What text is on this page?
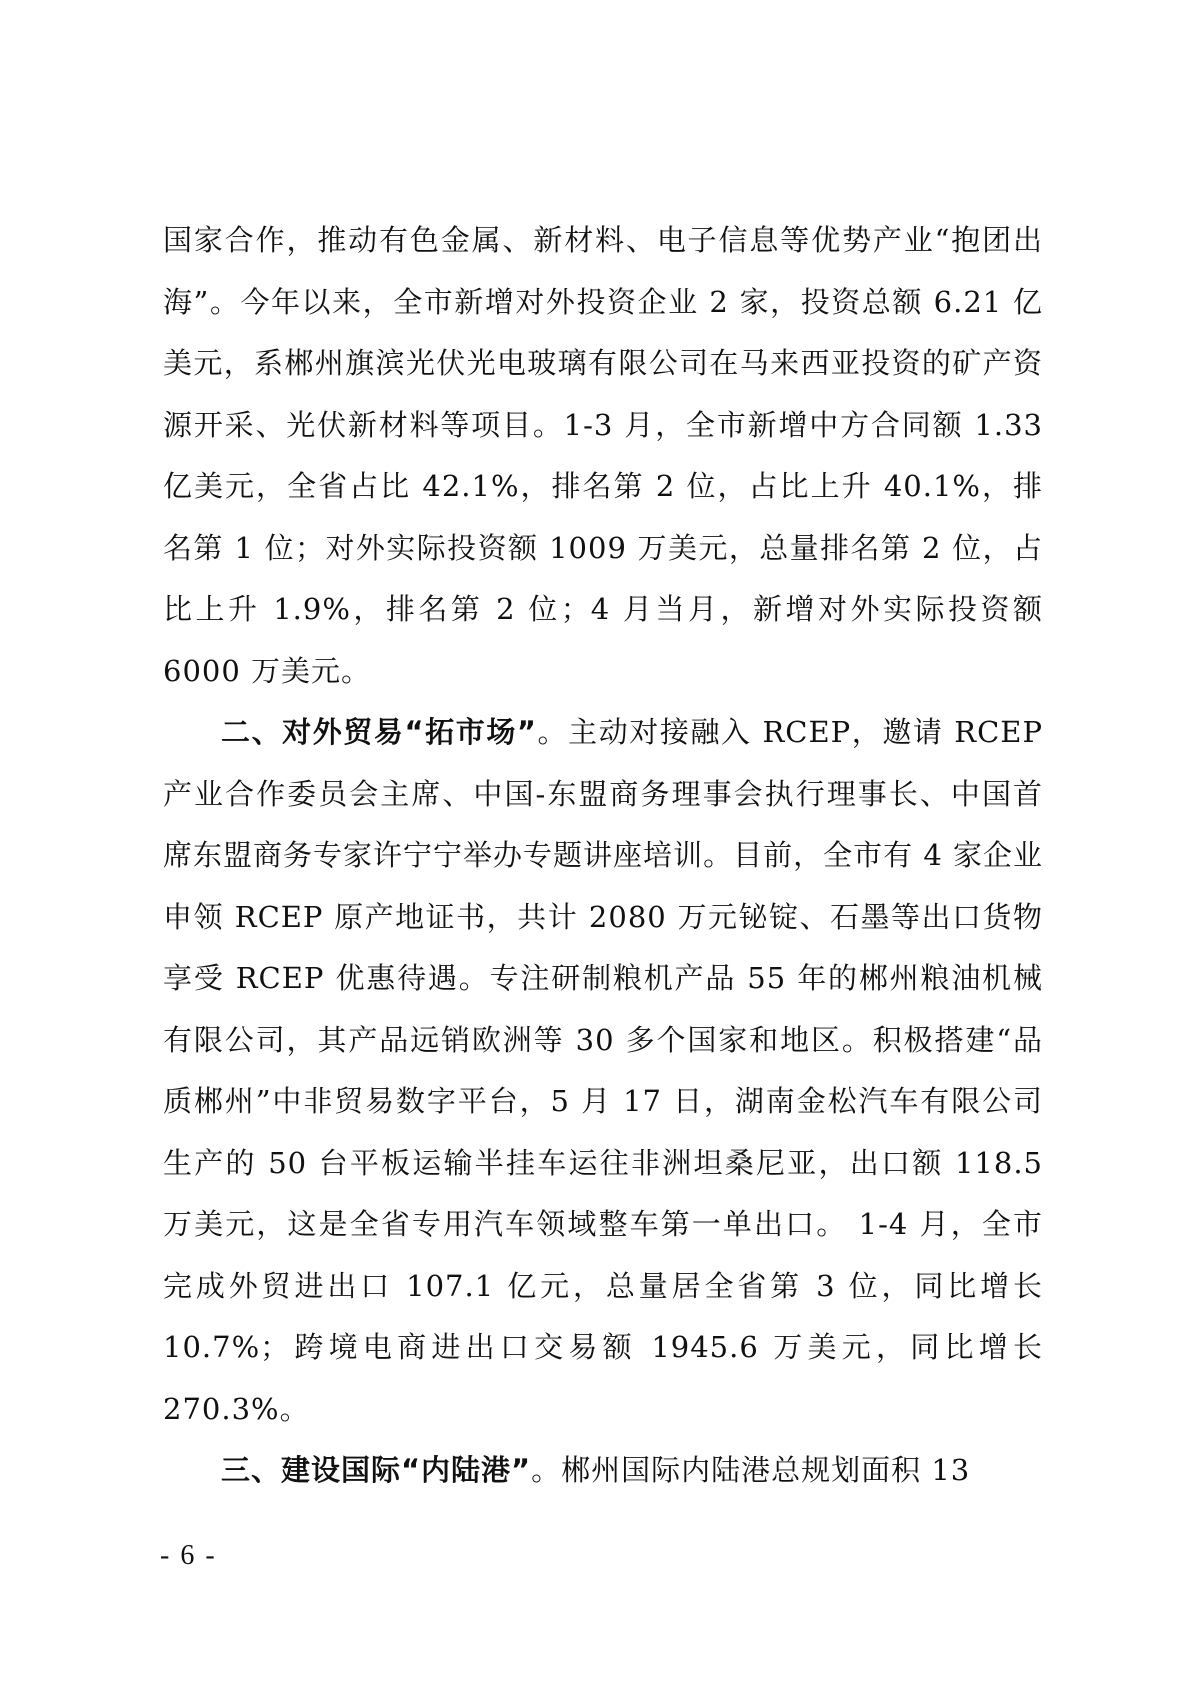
国家合作，推动有色金属、新材料、电子信息等优势产业“抱团出海”。今年以来，全市新增对外投资企业 2 家，投资总额 6.21 亿美元，系郴州旗滨光伏光电玻璃有限公司在马来西亚投资的矿产资源开采、光伏新材料等项目。1-3 月，全市新增中方合同额 1.33 亿美元，全省占比 42.1%，排名第 2 位，占比上升 40.1%，排名第 1 位；对外实际投资额 1009 万美元，总量排名第 2 位，占比上升 1.9%，排名第 2 位；4 月当月，新增对外实际投资额 6000 万美元。

二、对外贸易“拓市场”。主动对接融入 RCEP，邀请 RCEP 产业合作委员会主席、中国-东盟商务理事会执行理事长、中国首席东盟商务专家许宁宁举办专题讲座培训。目前，全市有 4 家企业申领 RCEP 原产地证书，共计 2080 万元铋锭、石墨等出口货物享受 RCEP 优惠待遇。专注研制粮机产品 55 年的郴州粮油机械有限公司，其产品远销欧洲等 30 多个国家和地区。积极搭建“品质郴州”中非贸易数字平台，5 月 17 日，湖南金松汽车有限公司生产的 50 台平板运输半挂车运往非洲坦桑尼亚，出口额 118.5 万美元，这是全省专用汽车领域整车第一单出口。 1-4 月，全市完成外贸进出口 107.1 亿元，总量居全省第 3 位，同比增长 10.7%；跨境电商进出口交易额 1945.6 万美元，同比增长 270.3%。

三、建设国际“内陆港”。郴州国际内陆港总规划面积 13

- 6 -
